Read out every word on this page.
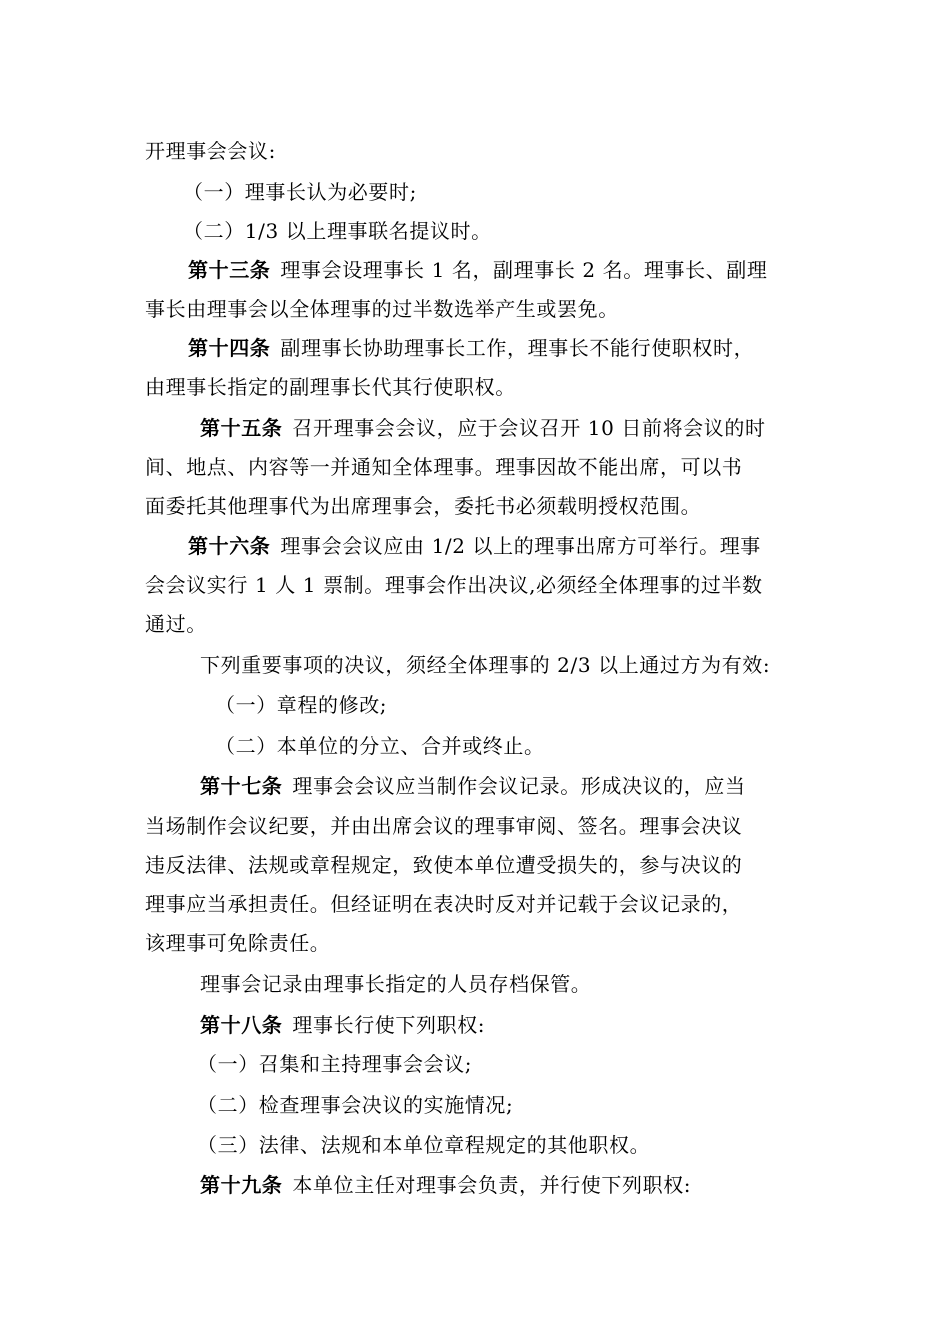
开理事会会议:
（一）理事长认为必要时;
（二）1/3 以上理事联名提议时。
第十三条 理事会设理事长 1 名，副理事长 2 名。理事长、副理
事长由理事会以全体理事的过半数选举产生或罢免。
第十四条 副理事长协助理事长工作，理事长不能行使职权时，
由理事长指定的副理事长代其行使职权。
第十五条 召开理事会会议，应于会议召开 10 日前将会议的时
间、地点、内容等一并通知全体理事。理事因故不能出席，可以书
面委托其他理事代为出席理事会，委托书必须载明授权范围。
第十六条 理事会会议应由 1/2 以上的理事出席方可举行。理事
会会议实行 1 人 1 票制。理事会作出决议,必须经全体理事的过半数
通过。
下列重要事项的决议，须经全体理事的 2/3 以上通过方为有效:
（一）章程的修改;
（二）本单位的分立、合并或终止。
第十七条 理事会会议应当制作会议记录。形成决议的，应当
当场制作会议纪要，并由出席会议的理事审阅、签名。理事会决议
违反法律、法规或章程规定，致使本单位遭受损失的，参与决议的
理事应当承担责任。但经证明在表决时反对并记载于会议记录的，
该理事可免除责任。
理事会记录由理事长指定的人员存档保管。
第十八条 理事长行使下列职权:
（一）召集和主持理事会会议;
（二）检查理事会决议的实施情况;
（三）法律、法规和本单位章程规定的其他职权。
第十九条 本单位主任对理事会负责，并行使下列职权:
